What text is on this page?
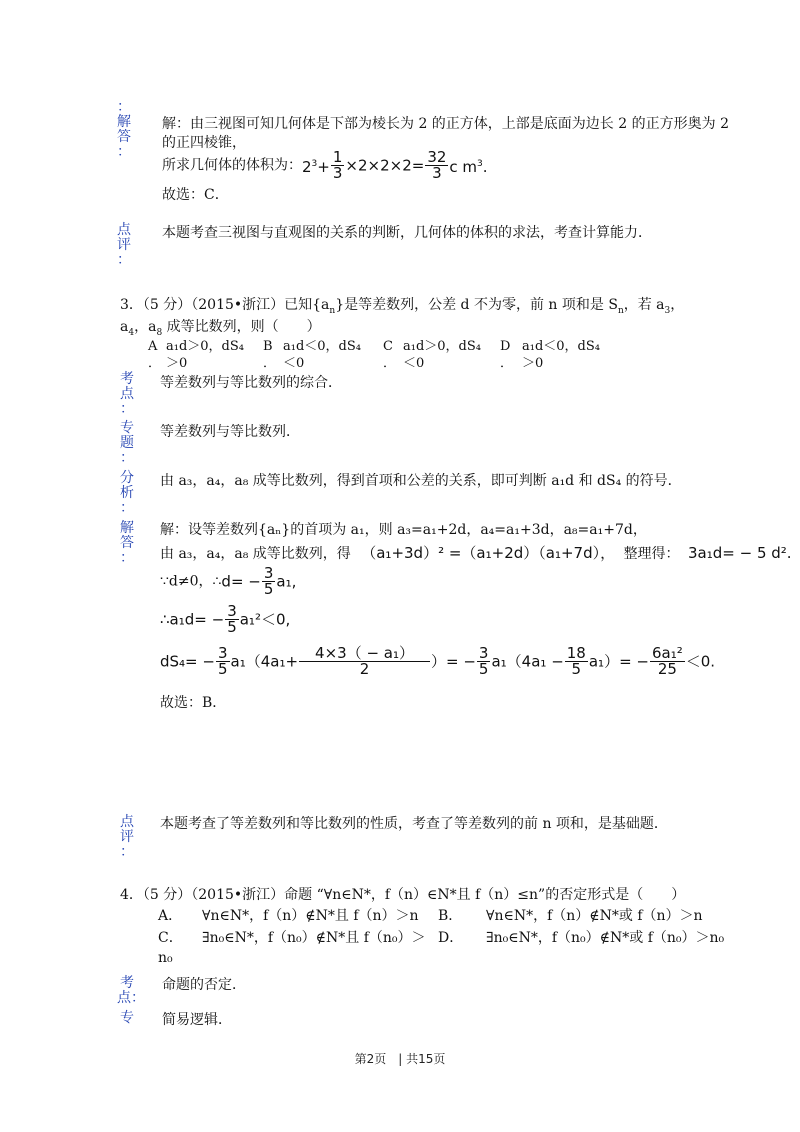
：
解
答
：
解：由三视图可知几何体是下部为棱长为 2 的正方体，上部是底面为边长 2 的正方形奥为 2
的正四棱锥，
所求几何体的体积为：$2^3+ \frac{1}{3} \times 2\times 2\times 2= \frac{32}{3}$ c $m^3$.
故选：C．
点
评
：
本题考查三视图与直观图的关系的判断，几何体的体积的求法，考查计算能力．
3．（5 分）（2015•浙江）已知$\{a_n\}$是等差数列，公差 d 不为零，前 n 项和是 $S_n$，若 $a_3$，
$a_4$，$a_8$ 成等比数列，则（　　）
A a₁d＞0，dS₄
． ＞0
B a₁d＜0，dS₄
． ＜0
C a₁d＞0，dS₄
． ＜0
D a₁d＜0，dS₄
． ＞0
考
点
：
等差数列与等比数列的综合．
专
题
：
等差数列与等比数列．
分
析
：
由 a₃，a₄，a₈ 成等比数列，得到首项和公差的关系，即可判断 a₁d 和 dS₄ 的符号．
解
答
：
解：设等差数列{aₙ}的首项为 a₁，则 a₃=a₁+2d，a₄=a₁+3d，a₈=a₁+7d，
由 a₃，a₄，a₈ 成等比数列，得 （a₁+3d）² =（a₁+2d）（a₁+7d）， 整理得： 3a₁d= − 5 d².
∵d≠0，∴d= − $\frac{3}{5} a_1$,
∴a₁d= − $\frac{3}{5} a_1^2<0$,
$dS_4= - \frac{3}{5} a_1(4a_1+ \frac{\text{4×3（ − a₁）}}{2}$ ）= − $\frac{3}{5} a_1(4a_1 - \frac{18}{5} a_1)= - \frac{\text{6a₁²}}{25} <0$.
故选：B．
点
评
：
本题考查了等差数列和等比数列的性质，考查了等差数列的前 n 项和，是基础题．
4．（5 分）（2015•浙江）命题 “∀n∈N*，f（n）∈N*且 f（n）≤n”的否定形式是（　　）
A． ∀n∈N*，f（n）∉N*且 f（n）＞n B． ∀n∈N*，f（n）∉N*或 f（n）＞n
C． ∃n₀∈N*，f（n₀）∉N*且 f（n₀）＞
n₀
D． ∃n₀∈N*，f（n₀）∉N*或 f（n₀）＞n₀
考
点：
命题的否定．
专 简易逻辑．
第2页　| 共15页
